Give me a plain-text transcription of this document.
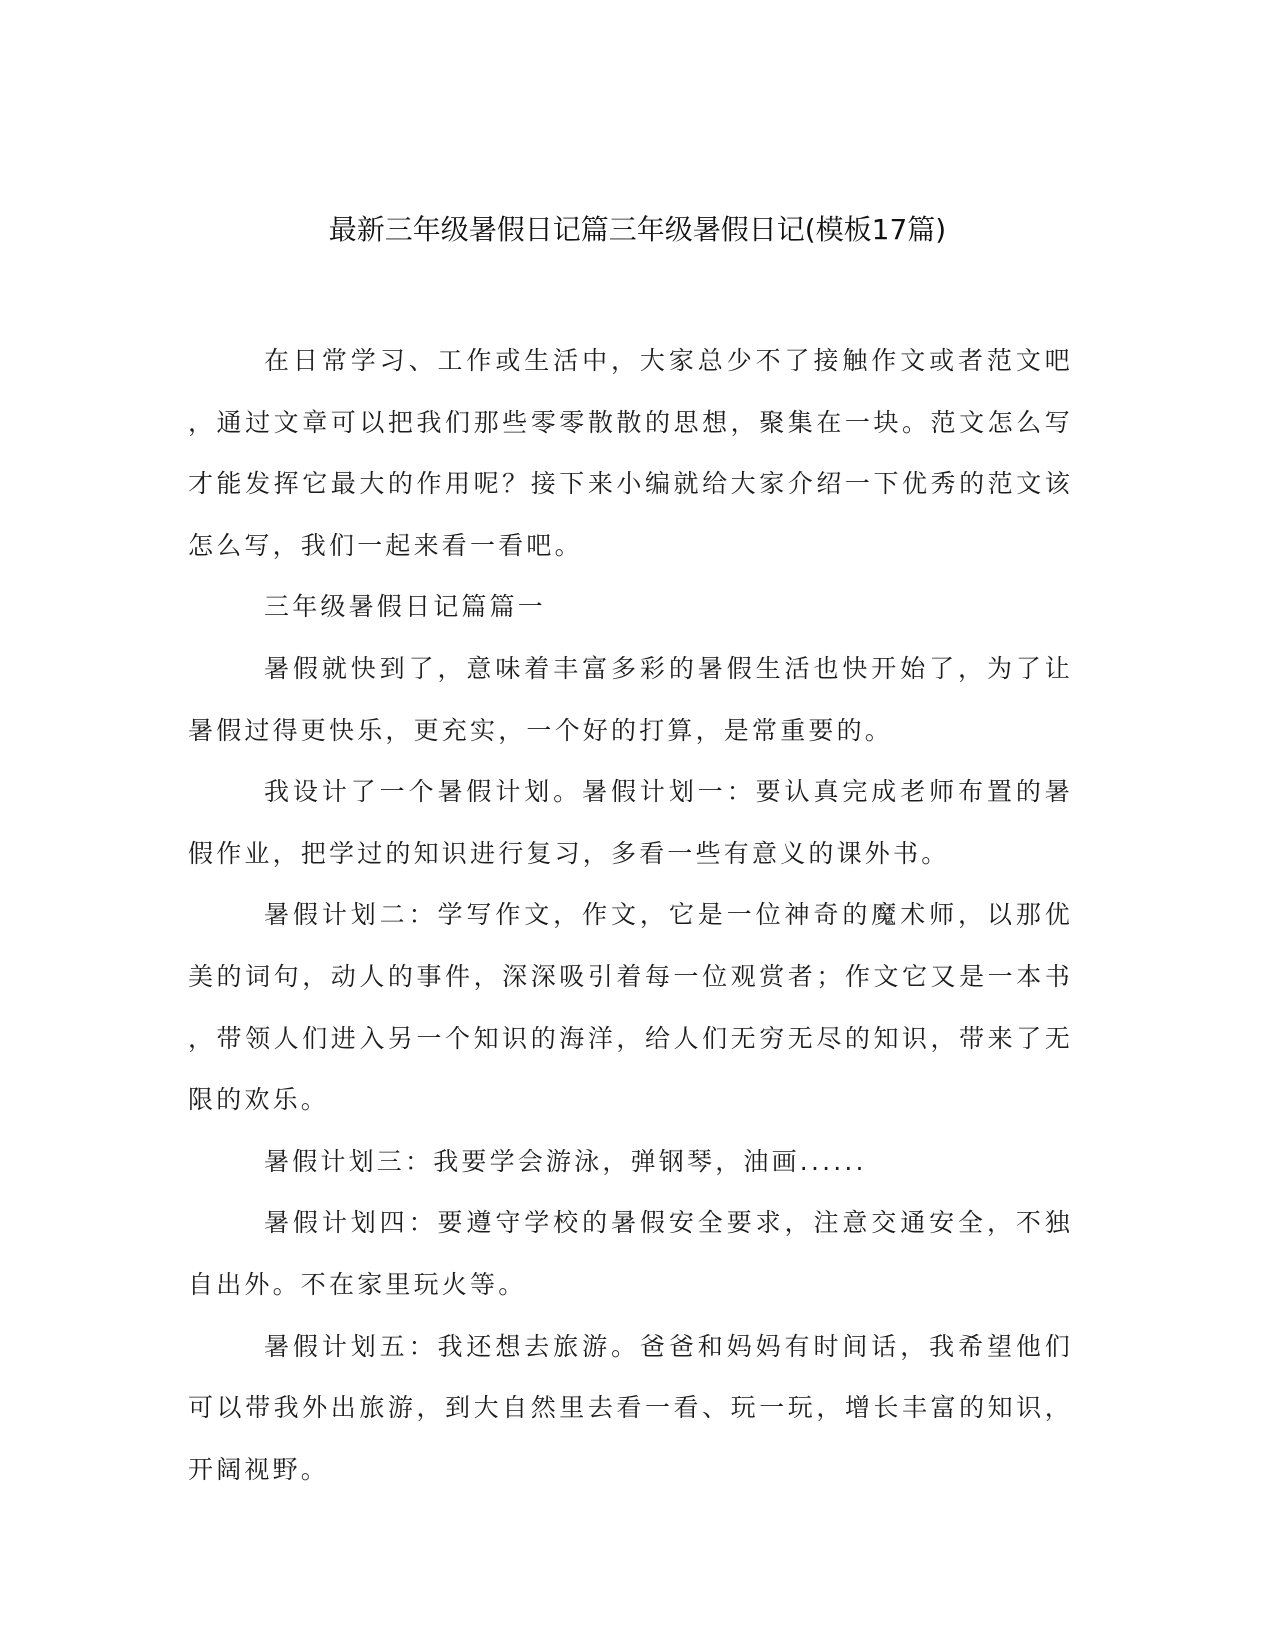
最新三年级暑假日记篇三年级暑假日记(模板17篇)

在日常学习、工作或生活中，大家总少不了接触作文或者范文吧，通过文章可以把我们那些零零散散的思想，聚集在一块。范文怎么写才能发挥它最大的作用呢？接下来小编就给大家介绍一下优秀的范文该怎么写，我们一起来看一看吧。

三年级暑假日记篇篇一

暑假就快到了，意味着丰富多彩的暑假生活也快开始了，为了让暑假过得更快乐，更充实，一个好的打算，是常重要的。

我设计了一个暑假计划。暑假计划一：要认真完成老师布置的暑假作业，把学过的知识进行复习，多看一些有意义的课外书。

暑假计划二：学写作文，作文，它是一位神奇的魔术师，以那优美的词句，动人的事件，深深吸引着每一位观赏者；作文它又是一本书，带领人们进入另一个知识的海洋，给人们无穷无尽的知识，带来了无限的欢乐。

暑假计划三：我要学会游泳，弹钢琴，油画......

暑假计划四：要遵守学校的暑假安全要求，注意交通安全，不独自出外。不在家里玩火等。

暑假计划五：我还想去旅游。爸爸和妈妈有时间话，我希望他们可以带我外出旅游，到大自然里去看一看、玩一玩，增长丰富的知识，开阔视野。
